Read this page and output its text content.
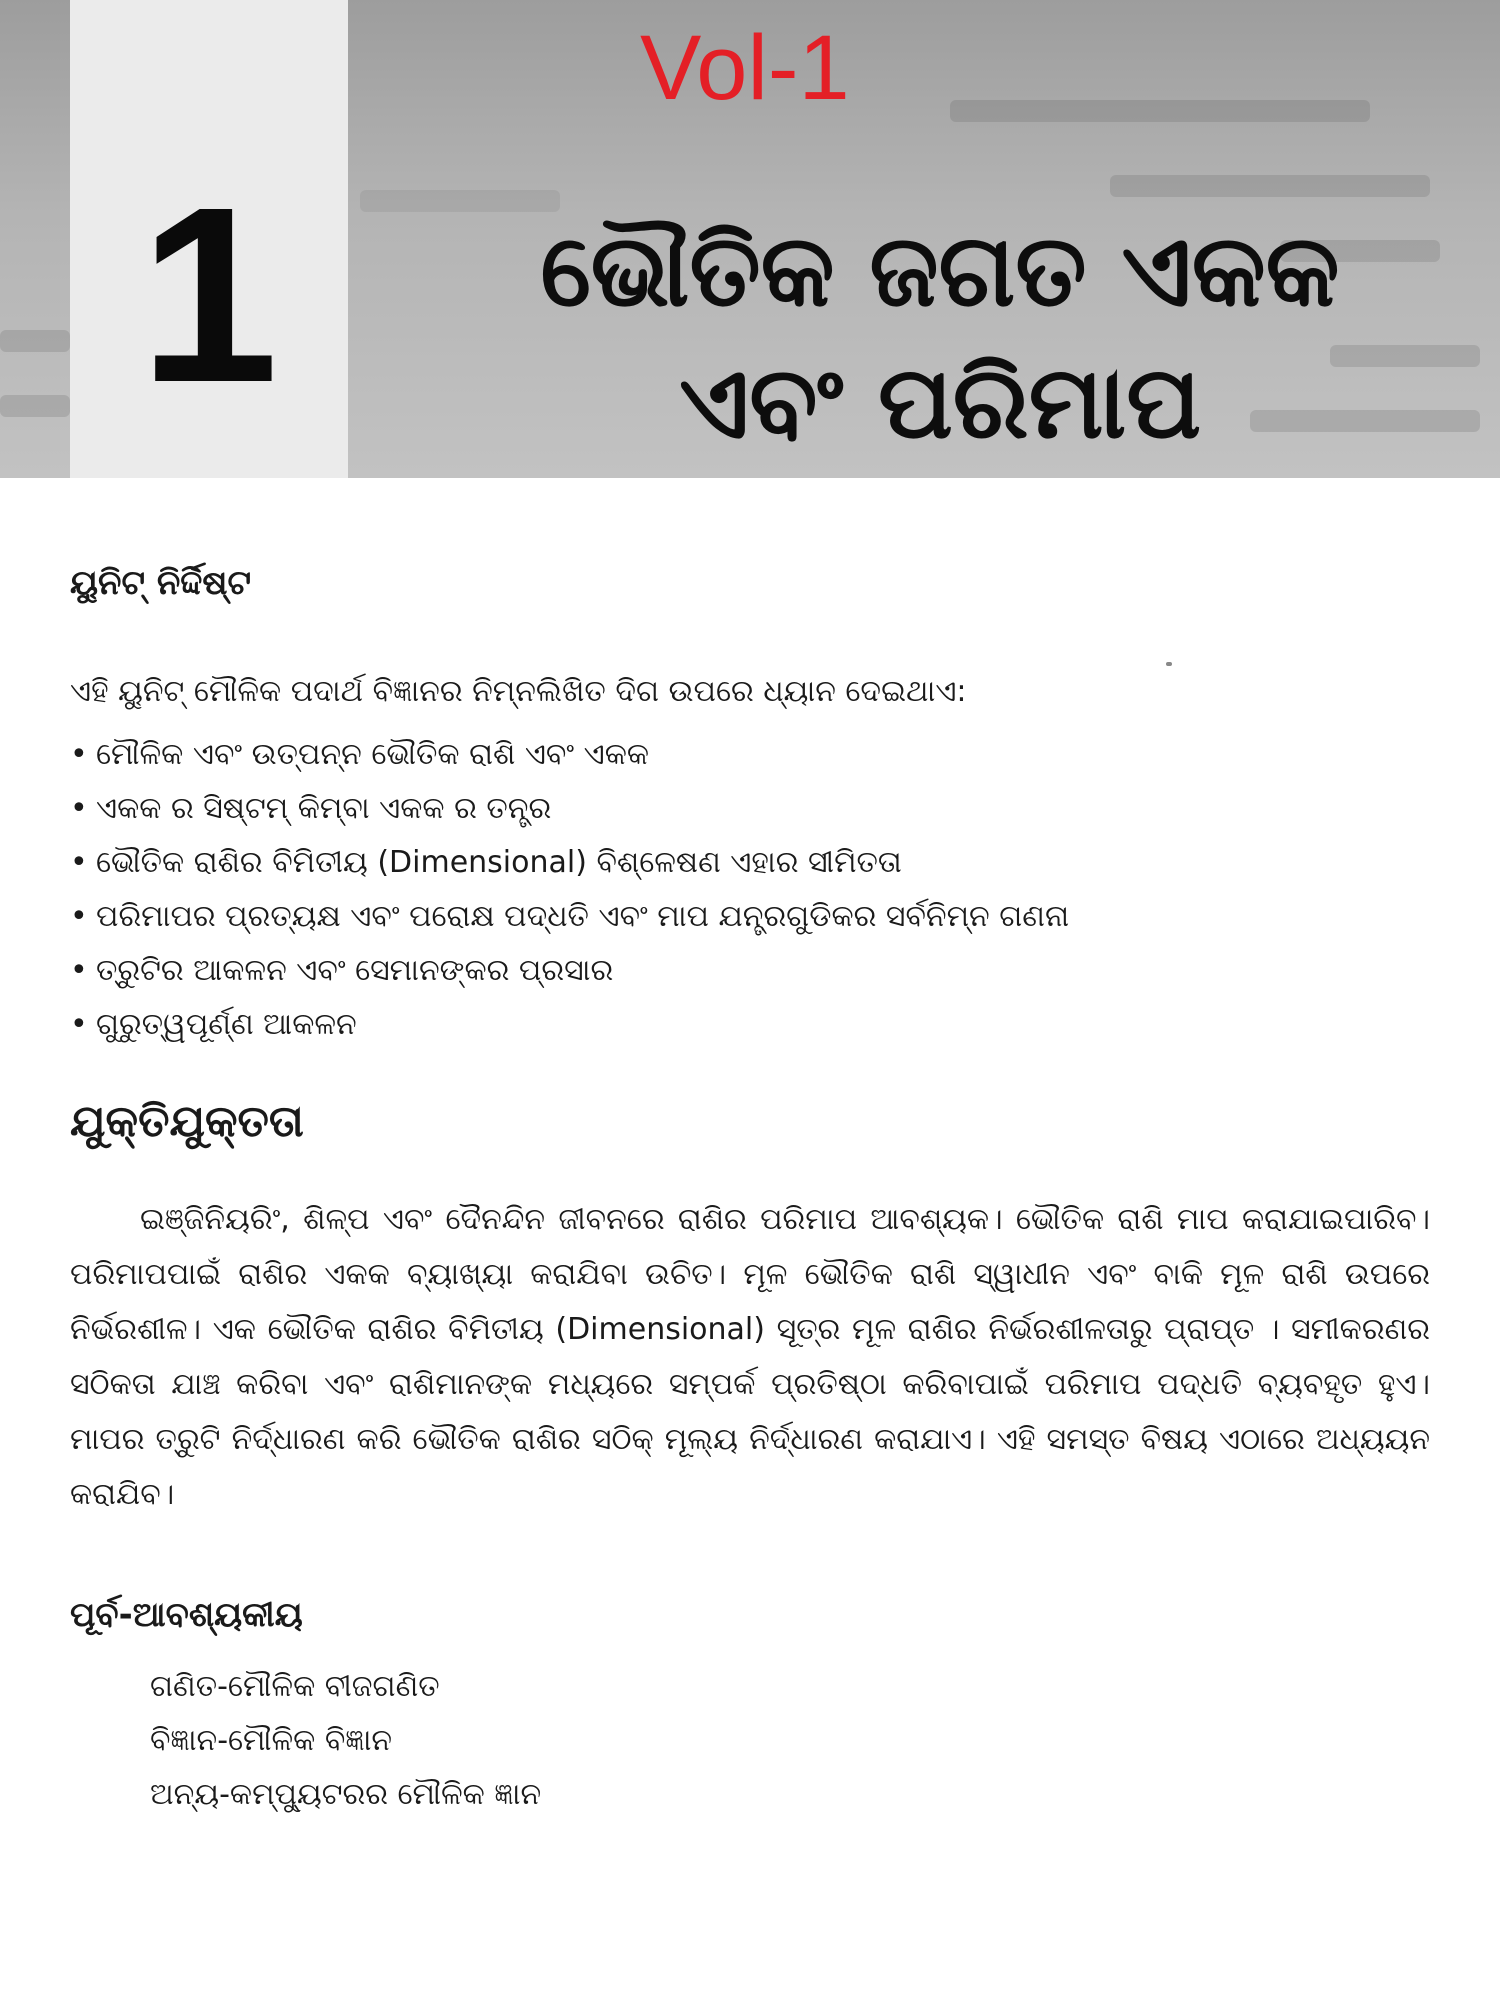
1
Vol-1
ଭୌତିକ ଜଗତ ଏକକ
ଏବଂ ପରିମାପ
ୟୁନିଟ୍ ନିର୍ଦ୍ଦିଷ୍ଟ

ଏହି ୟୁନିଟ୍ ମୌଳିକ ପଦାର୍ଥ ବିଜ୍ଞାନର ନିମ୍ନଲିଖିତ ଦିଗ ଉପରେ ଧ୍ୟାନ ଦେଇଥାଏ:

• ମୌଳିକ ଏବଂ ଉତ୍ପନ୍ନ ଭୌତିକ ରାଶି ଏବଂ ଏକକ
• ଏକକ ର ସିଷ୍ଟମ୍ କିମ୍ବା ଏକକ ର ତନ୍ତ୍ର
• ଭୌତିକ ରାଶିର ବିମିତୀୟ (Dimensional) ବିଶ୍ଳେଷଣ ଏହାର ସୀମିତତା
• ପରିମାପର ପ୍ରତ୍ୟକ୍ଷ ଏବଂ ପରୋକ୍ଷ ପଦ୍ଧତି ଏବଂ ମାପ ଯନ୍ତ୍ରଗୁଡିକର ସର୍ବନିମ୍ନ ଗଣନା
• ତ୍ରୁଟିର ଆକଳନ ଏବଂ ସେମାନଙ୍କର ପ୍ରସାର
• ଗୁରୁତ୍ୱପୂର୍ଣ୍ଣ ଆକଳନ
ଯୁକ୍ତିଯୁକ୍ତତା

ଇଞ୍ଜିନିୟରିଂ, ଶିଳ୍ପ ଏବଂ ଦୈନନ୍ଦିନ ଜୀବନରେ ରାଶିର ପରିମାପ ଆବଶ୍ୟକ। ଭୌତିକ ରାଶି ମାପ କରାଯାଇପାରିବ। ପରିମାପପାଇଁ ରାଶିର ଏକକ ବ୍ୟାଖ୍ୟା କରାଯିବା ଉଚିତ। ମୂଳ ଭୌତିକ ରାଶି ସ୍ୱାଧୀନ ଏବଂ ବାକି ମୂଳ ରାଶି ଉପରେ ନିର୍ଭରଶୀଳ। ଏକ ଭୌତିକ ରାଶିର ବିମିତୀୟ (Dimensional) ସୂତ୍ର ମୂଳ ରାଶିର ନିର୍ଭରଶୀଳତାରୁ ପ୍ରାପ୍ତ । ସମୀକରଣର ସଠିକତା ଯାଞ୍ଚ କରିବା ଏବଂ ରାଶିମାନଙ୍କ ମଧ୍ୟରେ ସମ୍ପର୍କ ପ୍ରତିଷ୍ଠା କରିବାପାଇଁ ପରିମାପ ପଦ୍ଧତି ବ୍ୟବହୃତ ହୁଏ। ମାପର ତ୍ରୁଟି ନିର୍ଦ୍ଧାରଣ କରି ଭୌତିକ ରାଶିର ସଠିକ୍ ମୂଲ୍ୟ ନିର୍ଦ୍ଧାରଣ କରାଯାଏ। ଏହି ସମସ୍ତ ବିଷୟ ଏଠାରେ ଅଧ୍ୟୟନ କରାଯିବ।

ପୂର୍ବ-ଆବଶ୍ୟକୀୟ
ଗଣିତ-ମୌଳିକ ବୀଜଗଣିତ
ବିଜ୍ଞାନ-ମୌଳିକ ବିଜ୍ଞାନ
ଅନ୍ୟ-କମ୍ପ୍ୟୁଟରର ମୌଳିକ ଜ୍ଞାନ
